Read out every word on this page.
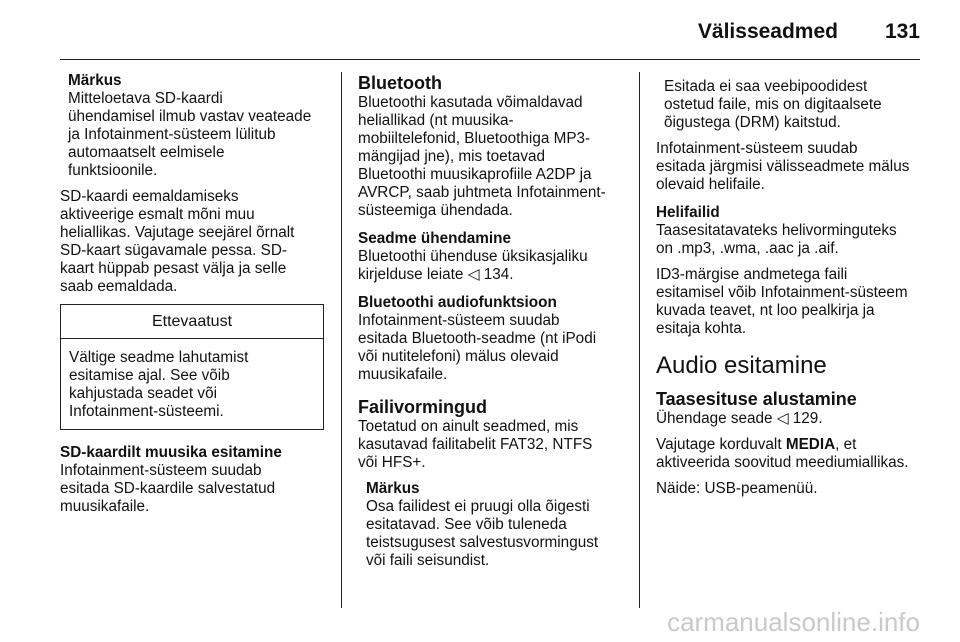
Välisseadmed 131
Märkus
Mitteloetava SD-kaardi
ühendamisel ilmub vastav veateade
ja Infotainment-süsteem lülitub
automaatselt eelmisele
funktsioonile.
SD-kaardi eemaldamiseks
aktiveerige esmalt mõni muu
heliallikas. Vajutage seejärel õrnalt
SD-kaart sügavamale pessa. SD-
kaart hüppab pesast välja ja selle
saab eemaldada.
Ettevaatust
Vältige seadme lahutamist
esitamise ajal. See võib
kahjustada seadet või
Infotainment-süsteemi.
SD-kaardilt muusika esitamine
Infotainment-süsteem suudab
esitada SD-kaardile salvestatud
muusikafaile.
Bluetooth
Bluetoothi kasutada võimaldavad
heliallikad (nt muusika-
mobiiltelefonid, Bluetoothiga MP3-
mängijad jne), mis toetavad
Bluetoothi muusikaprofiile A2DP ja
AVRCP, saab juhtmeta Infotainment-
süsteemiga ühendada.
Seadme ühendamine
Bluetoothi ühenduse üksikasjaliku
kirjelduse leiate ◁ 134.
Bluetoothi audiofunktsioon
Infotainment-süsteem suudab
esitada Bluetooth-seadme (nt iPodi
või nutitelefoni) mälus olevaid
muusikafaile.
Failivormingud
Toetatud on ainult seadmed, mis
kasutavad failitabelit FAT32, NTFS
või HFS+.
Märkus
Osa failidest ei pruugi olla õigesti
esitatavad. See võib tuleneda
teistsugusest salvestusvormingust
või faili seisundist.
Esitada ei saa veebipoodidest
ostetud faile, mis on digitaalsete
õigustega (DRM) kaitstud.
Infotainment-süsteem suudab
esitada järgmisi välisseadmete mälus
olevaid helifaile.
Helifailid
Taasesitatavateks helivorminguteks
on .mp3, .wma, .aac ja .aif.
ID3-märgise andmetega faili
esitamisel võib Infotainment-süsteem
kuvada teavet, nt loo pealkirja ja
esitaja kohta.
Audio esitamine
Taasesituse alustamine
Ühendage seade ◁ 129.
Vajutage korduvalt MEDIA, et
aktiveerida soovitud meediumiallikas.
Näide: USB-peamenüü.
carmanualsonline.info
